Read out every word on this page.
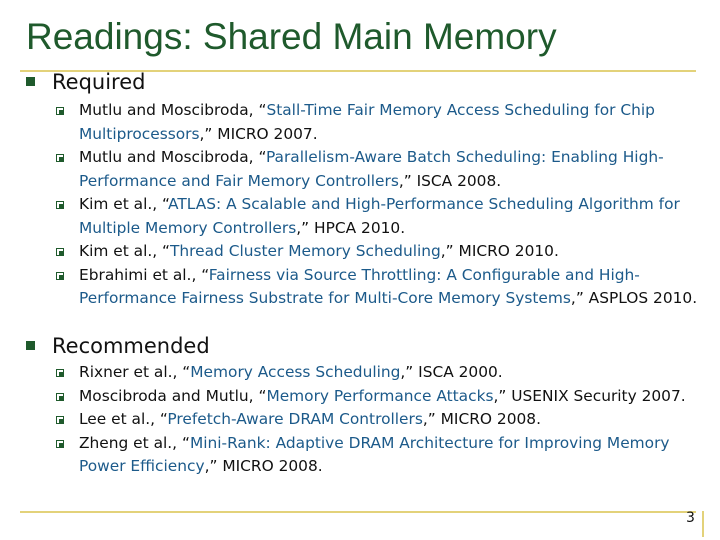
Readings: Shared Main Memory
Required
Mutlu and Moscibroda, “Stall-Time Fair Memory Access Scheduling for Chip Multiprocessors,” MICRO 2007.
Mutlu and Moscibroda, “Parallelism-Aware Batch Scheduling: Enabling High-Performance and Fair Memory Controllers,” ISCA 2008.
Kim et al., “ATLAS: A Scalable and High-Performance Scheduling Algorithm for Multiple Memory Controllers,” HPCA 2010.
Kim et al., “Thread Cluster Memory Scheduling,” MICRO 2010.
Ebrahimi et al., “Fairness via Source Throttling: A Configurable and High-Performance Fairness Substrate for Multi-Core Memory Systems,” ASPLOS 2010.
Recommended
Rixner et al., “Memory Access Scheduling,” ISCA 2000.
Moscibroda and Mutlu, “Memory Performance Attacks,” USENIX Security 2007.
Lee et al., “Prefetch-Aware DRAM Controllers,” MICRO 2008.
Zheng et al., “Mini-Rank: Adaptive DRAM Architecture for Improving Memory Power Efficiency,” MICRO 2008.
3
